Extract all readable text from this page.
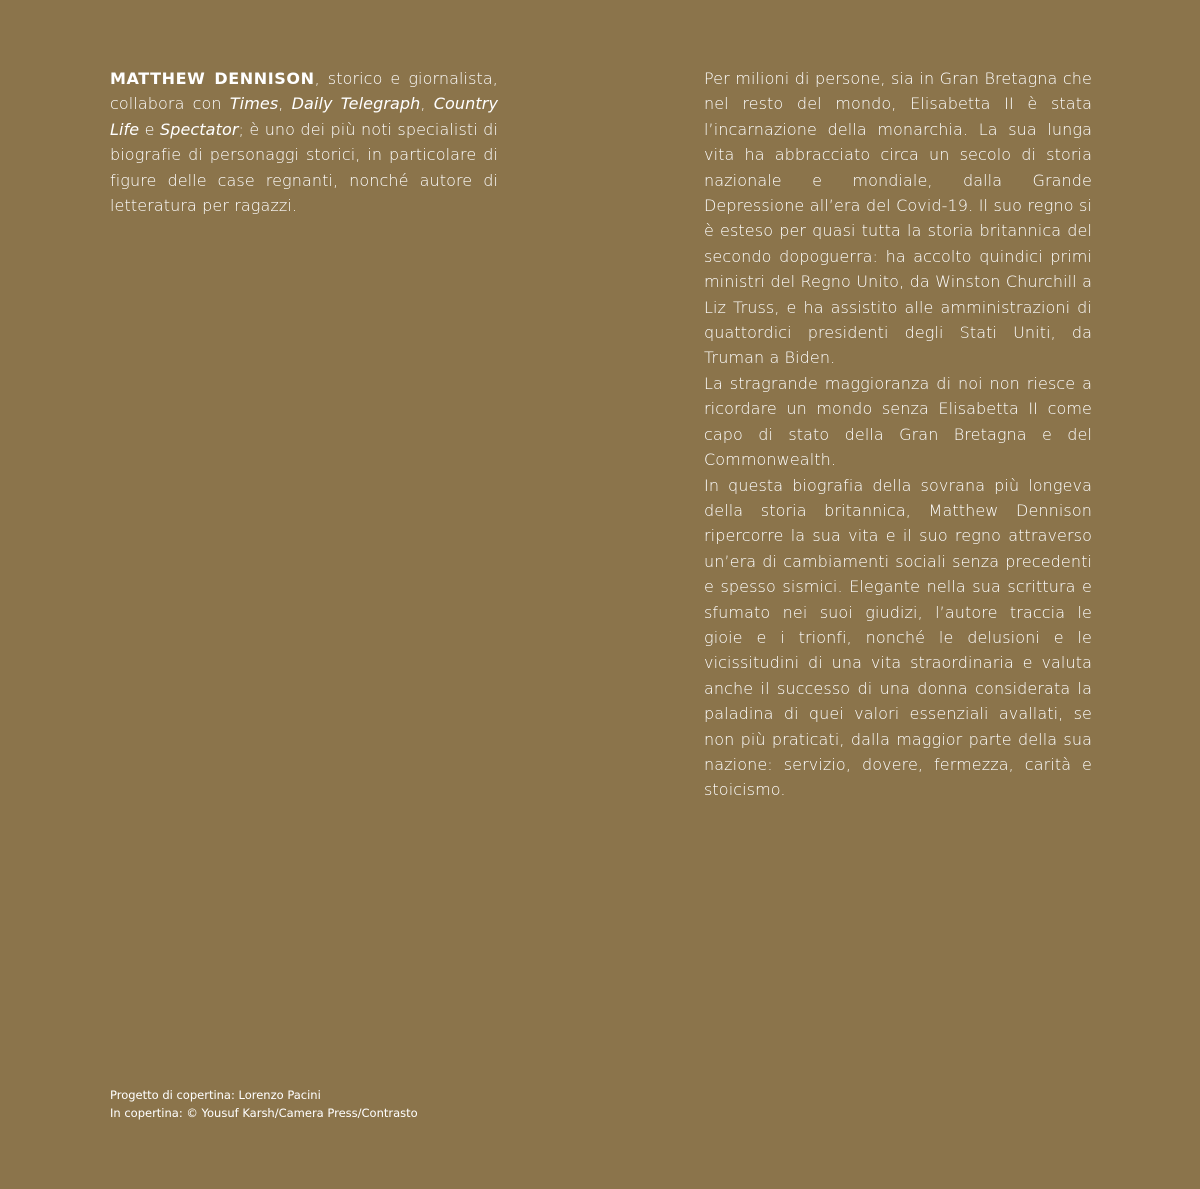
MATTHEW DENNISON, storico e giornalista, collabora con Times, Daily Telegraph, Country Life e Spectator; è uno dei più noti specialisti di biografie di personaggi storici, in particolare di figure delle case regnanti, nonché autore di letteratura per ragazzi.

Per milioni di persone, sia in Gran Bretagna che nel resto del mondo, Elisabetta II è stata l’incarnazione della monarchia. La sua lunga vita ha abbracciato circa un secolo di storia nazionale e mondiale, dalla Grande Depressione all’era del Covid-19. Il suo regno si è esteso per quasi tutta la storia britannica del secondo dopoguerra: ha accolto quindici primi ministri del Regno Unito, da Winston Churchill a Liz Truss, e ha assistito alle amministrazioni di quattordici presidenti degli Stati Uniti, da Truman a Biden.

La stragrande maggioranza di noi non riesce a ricordare un mondo senza Elisabetta II come capo di stato della Gran Bretagna e del Commonwealth.

In questa biografia della sovrana più longeva della storia britannica, Matthew Dennison ripercorre la sua vita e il suo regno attraverso un’era di cambiamenti sociali senza precedenti e spesso sismici. Elegante nella sua scrittura e sfumato nei suoi giudizi, l’autore traccia le gioie e i trionfi, nonché le delusioni e le vicissitudini di una vita straordinaria e valuta anche il successo di una donna considerata la paladina di quei valori essenziali avallati, se non più praticati, dalla maggior parte della sua nazione: servizio, dovere, fermezza, carità e stoicismo.

Progetto di copertina: Lorenzo Pacini
In copertina: © Yousuf Karsh/Camera Press/Contrasto
